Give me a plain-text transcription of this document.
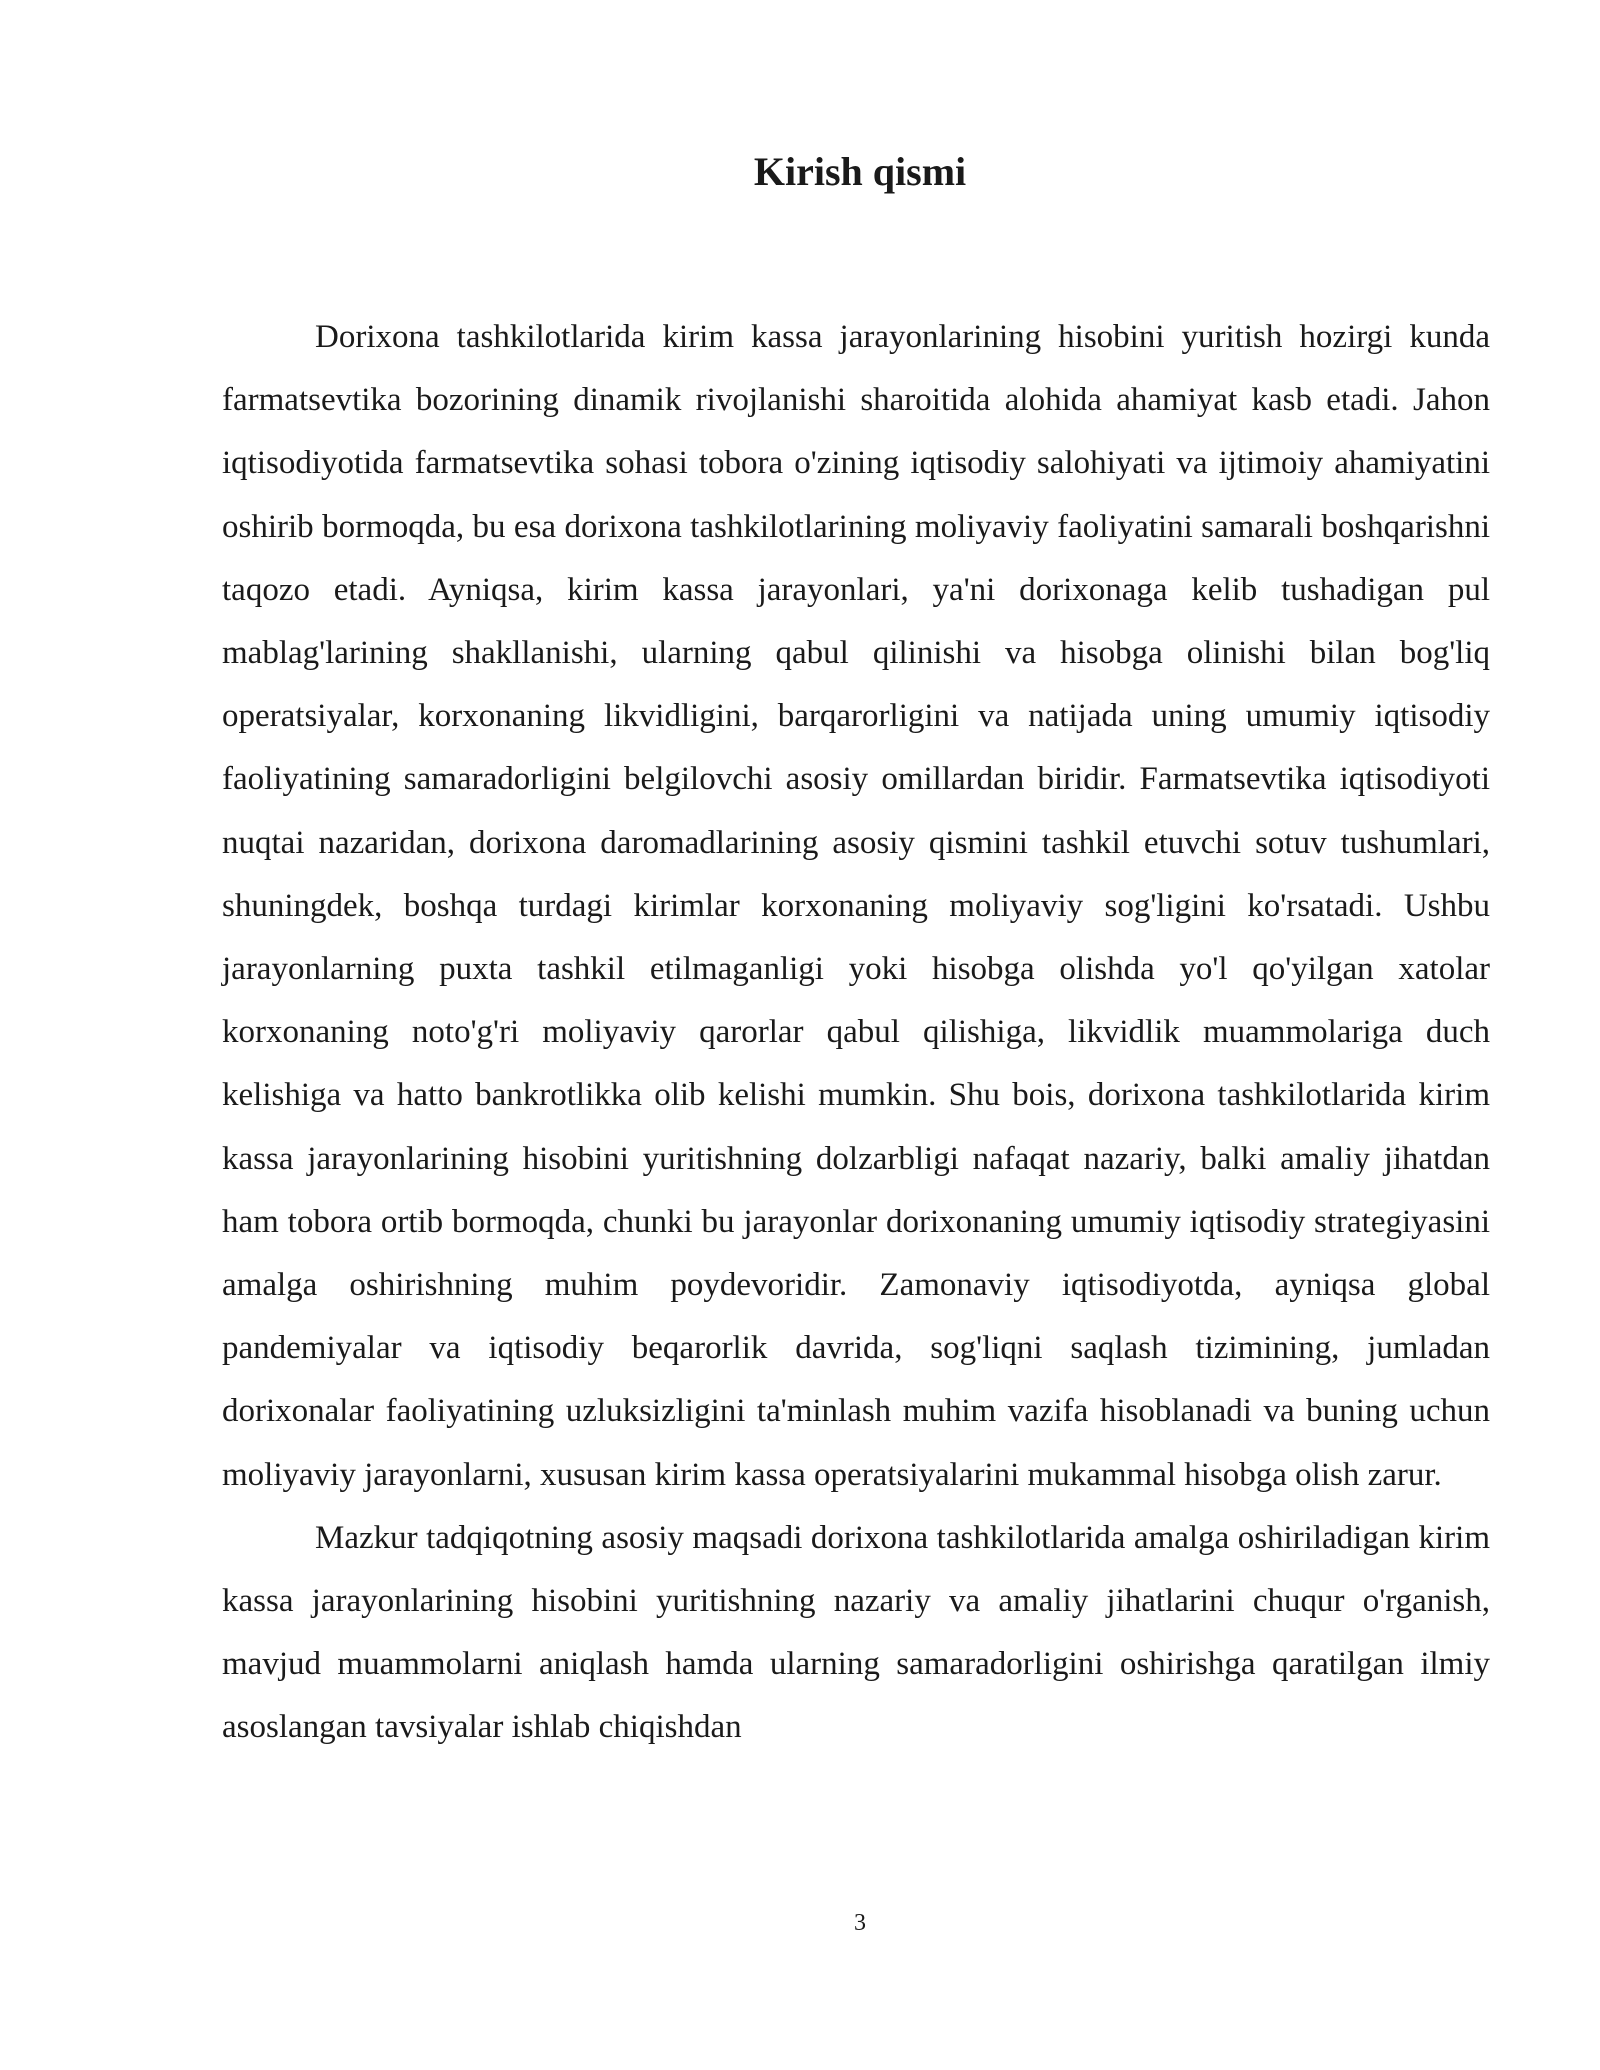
Kirish qismi

Dorixona tashkilotlarida kirim kassa jarayonlarining hisobini yuritish hozirgi kunda farmatsevtika bozorining dinamik rivojlanishi sharoitida alohida ahamiyat kasb etadi. Jahon iqtisodiyotida farmatsevtika sohasi tobora o'zining iqtisodiy salohiyati va ijtimoiy ahamiyatini oshirib bormoqda, bu esa dorixona tashkilotlarining moliyaviy faoliyatini samarali boshqarishni taqozo etadi. Ayniqsa, kirim kassa jarayonlari, ya'ni dorixonaga kelib tushadigan pul mablag'larining shakllanishi, ularning qabul qilinishi va hisobga olinishi bilan bog'liq operatsiyalar, korxonaning likvidligini, barqarorligini va natijada uning umumiy iqtisodiy faoliyatining samaradorligini belgilovchi asosiy omillardan biridir. Farmatsevtika iqtisodiyoti nuqtai nazaridan, dorixona daromadlarining asosiy qismini tashkil etuvchi sotuv tushumlari, shuningdek, boshqa turdagi kirimlar korxonaning moliyaviy sog'ligini ko'rsatadi. Ushbu jarayonlarning puxta tashkil etilmaganligi yoki hisobga olishda yo'l qo'yilgan xatolar korxonaning noto'g'ri moliyaviy qarorlar qabul qilishiga, likvidlik muammolariga duch kelishiga va hatto bankrotlikka olib kelishi mumkin. Shu bois, dorixona tashkilotlarida kirim kassa jarayonlarining hisobini yuritishning dolzarbligi nafaqat nazariy, balki amaliy jihatdan ham tobora ortib bormoqda, chunki bu jarayonlar dorixonaning umumiy iqtisodiy strategiyasini amalga oshirishning muhim poydevoridir. Zamonaviy iqtisodiyotda, ayniqsa global pandemiyalar va iqtisodiy beqarorlik davrida, sog'liqni saqlash tizimining, jumladan dorixonalar faoliyatining uzluksizligini ta'minlash muhim vazifa hisoblanadi va buning uchun moliyaviy jarayonlarni, xususan kirim kassa operatsiyalarini mukammal hisobga olish zarur.

Mazkur tadqiqotning asosiy maqsadi dorixona tashkilotlarida amalga oshiriladigan kirim kassa jarayonlarining hisobini yuritishning nazariy va amaliy jihatlarini chuqur o'rganish, mavjud muammolarni aniqlash hamda ularning samaradorligini oshirishga qaratilgan ilmiy asoslangan tavsiyalar ishlab chiqishdan

3
